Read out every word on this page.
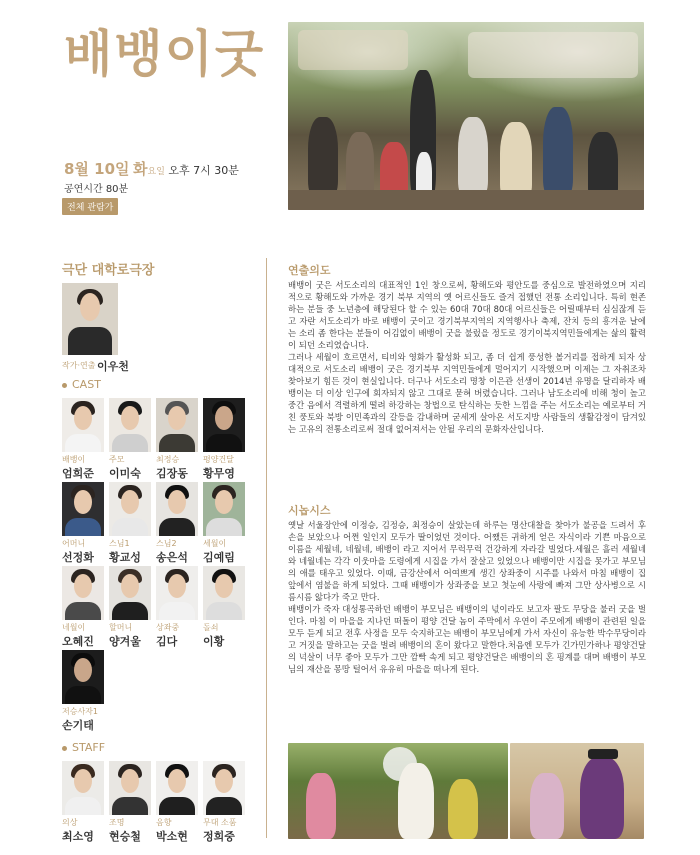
배뱅이굿
8월 10일 화요일 오후 7시 30분
공연시간 80분
전체 관람가
극단 대학로극장
작가·연출 이우천
CAST
배뱅이
엄희준
주모
이미숙
최정승
김장동
평양건달
황무영
어머니
선정화
스님1
황교성
스님2
송은석
세월이
김예림
네월이
오혜진
할머니
양겨울
상좌중
김다
돌쇠
이황
저승사자1
손기태
STAFF
의상
최소영
조명
현승철
음향
박소현
무대 소품
정희중
연출의도

배뱅이 굿은 서도소리의 대표적인 1인 창으로써, 황해도와 평안도를 중심으로 발전하였으며 지리적으로 황해도와 가까운 경기 북부 지역의 옛 어르신들도 즐겨 접했던 전통 소리입니다. 특히 현존하는 분들 중 노년층에 해당된다 할 수 있는 60대 70대 80대 어르신들은 어릴때부터 심심잖게 듣고 자란 서도소리가 바로 배뱅이 굿이고 경기북부지역의 지역행사나 축제, 잔치 등의 흥겨운 날에는 소리 좀 한다는 분들이 어김없이 배뱅이 굿을 불렀을 정도로 경기이북지역민들에게는 삶의 활력이 되던 소리였습니다.

그러나 세월이 흐르면서, 티비와 영화가 활성화 되고, 좀 더 쉽게 풍성한 볼거리를 접하게 되자 상대적으로 서도소리 배뱅이 굿은 경기북부 지역민들에게 멀어지기 시작했으며 이제는 그 자취조차 찾아보기 힘든 것이 현실입니다. 더구나 서도소리 명창 이은관 선생이 2014년 유명을 달리하자 배뱅이는 더 이상 인구에 회자되지 않고 그대로 묻혀 버렸습니다. 그러나 남도소리에 비해 청이 높고 중간 음에서 격렬하게 떨려 하강하는 창법으로 탄식하는 듯한 느낌을 주는 서도소리는 예로부터 거친 풍토와 북방 이민족과의 갈등을 감내하며 굳세게 살아온 서도지방 사람들의 생활감정이 담겨있는 고유의 전통소리로써 절대 없어져서는 안될 우리의 문화자산입니다.

시놉시스

옛날 서울장안에 이정승, 김정승, 최정승이 살았는데 하루는 명산대찰을 찾아가 불공을 드려서 후손을 보았으나 어쩐 일인지 모두가 딸이었던 것이다. 어쨌든 귀하게 얻은 자식이라 기쁜 마음으로 이름을 세월네, 네월네, 배뱅이 라고 지어서 무럭무럭 건강하게 자라갈 빌었다.세월은 흘러 세월네와 네월네는 각각 이웃마을 도령에게 시집을 가서 잘살고 있었으나 배뱅이만 시집을 못가고 부모님의 애를 태우고 있었다. 이때, 금강산에서 어여쁘게 생긴 상좌중이 시주를 나와서 마침 배뱅이 집 앞에서 염불을 하게 되었다. 그때 배뱅이가 상좌중을 보고 첫눈에 사랑에 빠져 그만 상사병으로 시름시름 앓다가 죽고 만다.

배뱅이가 죽자 대성통곡하던 배뱅이 부모님은 배뱅이의 넋이라도 보고자 팔도 무당을 불러 굿을 벌인다. 마침 이 마을을 지나던 떠돌이 평양 건달 놈이 주막에서 우연이 주모에게 배뱅이 관련된 일을 모두 듣게 되고 전후 사정을 모두 숙지하고는 배뱅이 부모님에게 가서 자신이 유능한 박수무당이라고 거짓을 말하고는 굿을 벌려 배뱅이의 혼이 왔다고 말한다.처음엔 모두가 긴가민가하나 평양건달의 넉살이 너무 좋아 모두가 그만 깜빡 속게 되고 평양건달은 배뱅이의 혼 핑계를 대며 배뱅이 부모님의 재산을 몽땅 털어서 유유히 마을을 떠나게 된다.
